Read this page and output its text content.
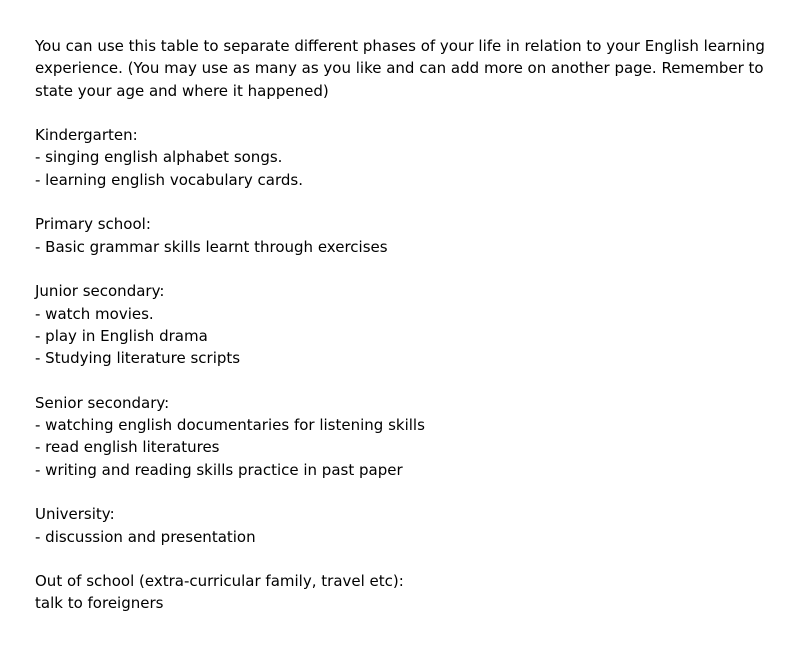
You can use this table to separate different phases of your life in relation to your English learning experience. (You may use as many as you like and can add more on another page. Remember to state your age and where it happened)

Kindergarten:

- singing english alphabet songs.
- learning english vocabulary cards.

Primary school:

- Basic grammar skills learnt through exercises

Junior secondary:

- watch movies.
- play in English drama
- Studying literature scripts

Senior secondary:

- watching english documentaries for listening skills
- read english literatures
- writing and reading skills practice in past paper

University:

- discussion and presentation

Out of school (extra-curricular family, travel etc):

talk to foreigners
